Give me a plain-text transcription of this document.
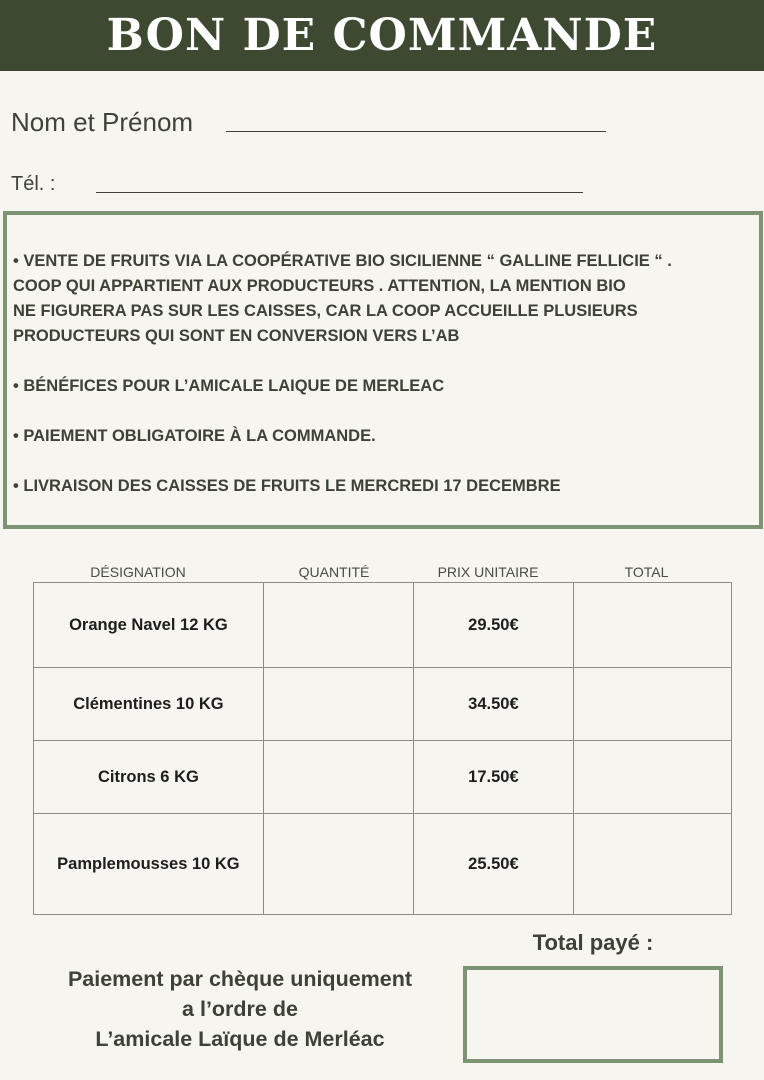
BON DE COMMANDE
Nom et Prénom
Tél. :

• VENTE DE FRUITS VIA LA COOPÉRATIVE BIO SICILIENNE “ GALLINE FELLICIE “ .
COOP QUI APPARTIENT AUX PRODUCTEURS . ATTENTION, LA MENTION BIO
NE FIGURERA PAS SUR LES CAISSES, CAR LA COOP ACCUEILLE PLUSIEURS
PRODUCTEURS QUI SONT EN CONVERSION VERS L’AB

• BÉNÉFICES POUR L’AMICALE LAIQUE DE MERLEAC

• PAIEMENT OBLIGATOIRE À LA COMMANDE.

• LIVRAISON DES CAISSES DE FRUITS LE MERCREDI 17 DECEMBRE

DÉSIGNATION	QUANTITÉ	PRIX UNITAIRE	TOTAL
Orange Navel 12 KG		29.50€	
Clémentines 10 KG		34.50€	
Citrons 6 KG		17.50€	
Pamplemousses 10 KG		25.50€	
Total payé :
Paiement par chèque uniquement
a l’ordre de
L’amicale Laïque de Merléac
